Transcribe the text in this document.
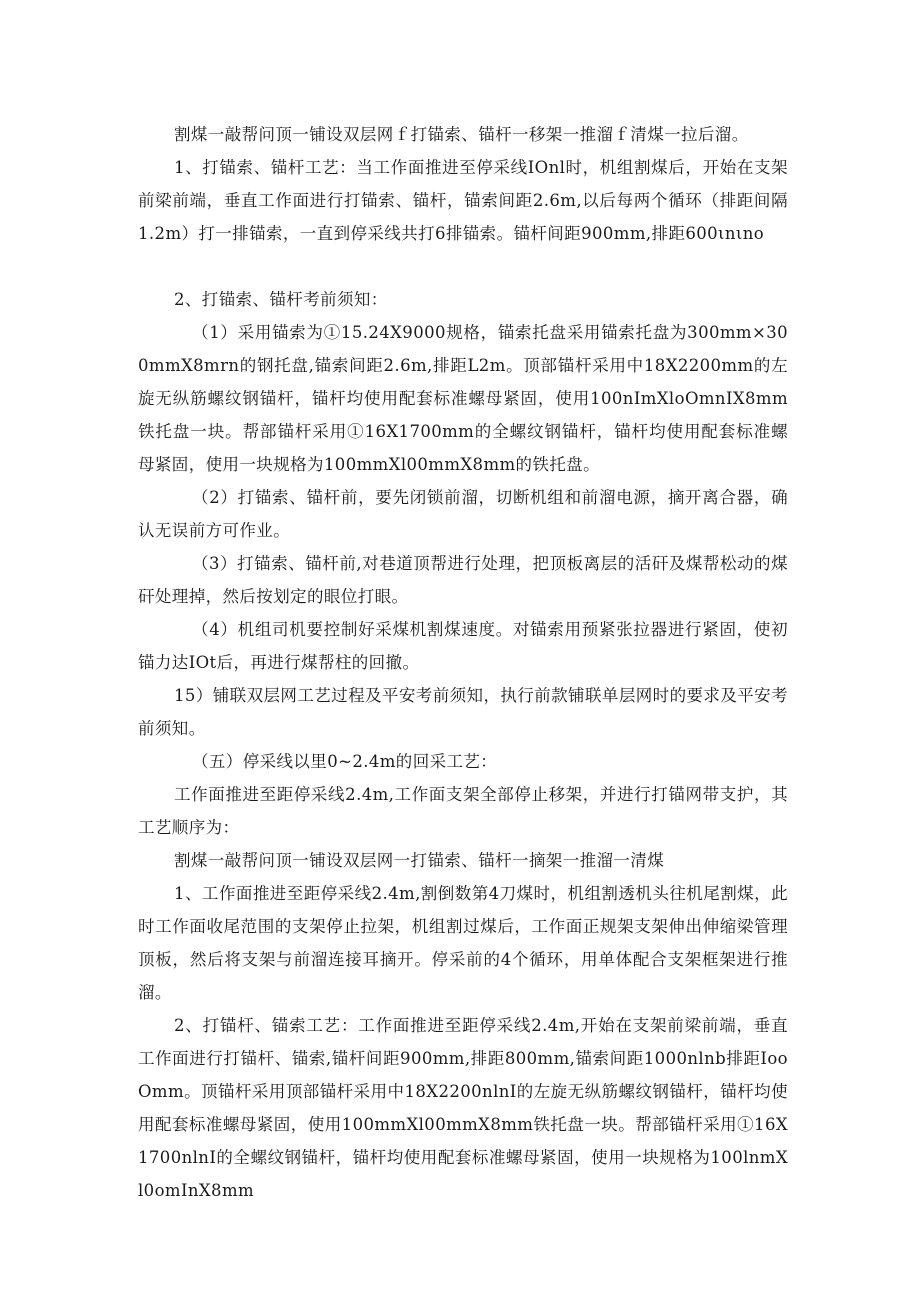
割煤一敲帮问顶一铺设双层网ｆ打锚索、锚杆一移架一推溜ｆ清煤一拉后溜。

1、打锚索、锚杆工艺：当工作面推进至停采线IOnl时，机组割煤后，开始在支架前梁前端，垂直工作面进行打锚索、锚杆，锚索间距2.6m,以后每两个循环（排距间隔1.2m）打一排锚索，一直到停采线共打6排锚索。锚杆间距900mm,排距600ιnιno

2、打锚索、锚杆考前须知：

（1）采用锚索为①15.24X9000规格，锚索托盘采用锚索托盘为300mm×300mmX8mrn的钢托盘,锚索间距2.6m,排距L2m。顶部锚杆采用中18X2200mm的左旋无纵筋螺纹钢锚杆，锚杆均使用配套标准螺母紧固，使用100nImXloOmnIX8mm铁托盘一块。帮部锚杆采用①16X1700mm的全螺纹钢锚杆，锚杆均使用配套标准螺母紧固，使用一块规格为100mmXl00mmX8mm的铁托盘。

（2）打锚索、锚杆前，要先闭锁前溜，切断机组和前溜电源，摘开离合器，确认无误前方可作业。

（3）打锚索、锚杆前,对巷道顶帮进行处理，把顶板离层的活矸及煤帮松动的煤矸处理掉，然后按划定的眼位打眼。

（4）机组司机要控制好采煤机割煤速度。对锚索用预紧张拉器进行紧固，使初锚力达IOt后，再进行煤帮柱的回撤。

15）铺联双层网工艺过程及平安考前须知，执行前款铺联单层网时的要求及平安考前须知。

（五）停采线以里0~2.4m的回采工艺：

工作面推进至距停采线2.4m,工作面支架全部停止移架，并进行打锚网带支护，其工艺顺序为：

割煤一敲帮问顶一铺设双层网一打锚索、锚杆一摘架一推溜一清煤

1、工作面推进至距停采线2.4m,割倒数第4刀煤时，机组割透机头往机尾割煤，此时工作面收尾范围的支架停止拉架，机组割过煤后，工作面正规架支架伸出伸缩梁管理顶板，然后将支架与前溜连接耳摘开。停采前的4个循环，用单体配合支架框架进行推溜。

2、打锚杆、锚索工艺：工作面推进至距停采线2.4m,开始在支架前梁前端，垂直工作面进行打锚杆、锚索,锚杆间距900mm,排距800mm,锚索间距1000nlnb排距IooOmm。顶锚杆采用顶部锚杆采用中18X2200nlnI的左旋无纵筋螺纹钢锚杆，锚杆均使用配套标准螺母紧固，使用100mmXl00mmX8mm铁托盘一块。帮部锚杆采用①16X1700nlnI的全螺纹钢锚杆，锚杆均使用配套标准螺母紧固，使用一块规格为100lnmXl0omInX8mm
